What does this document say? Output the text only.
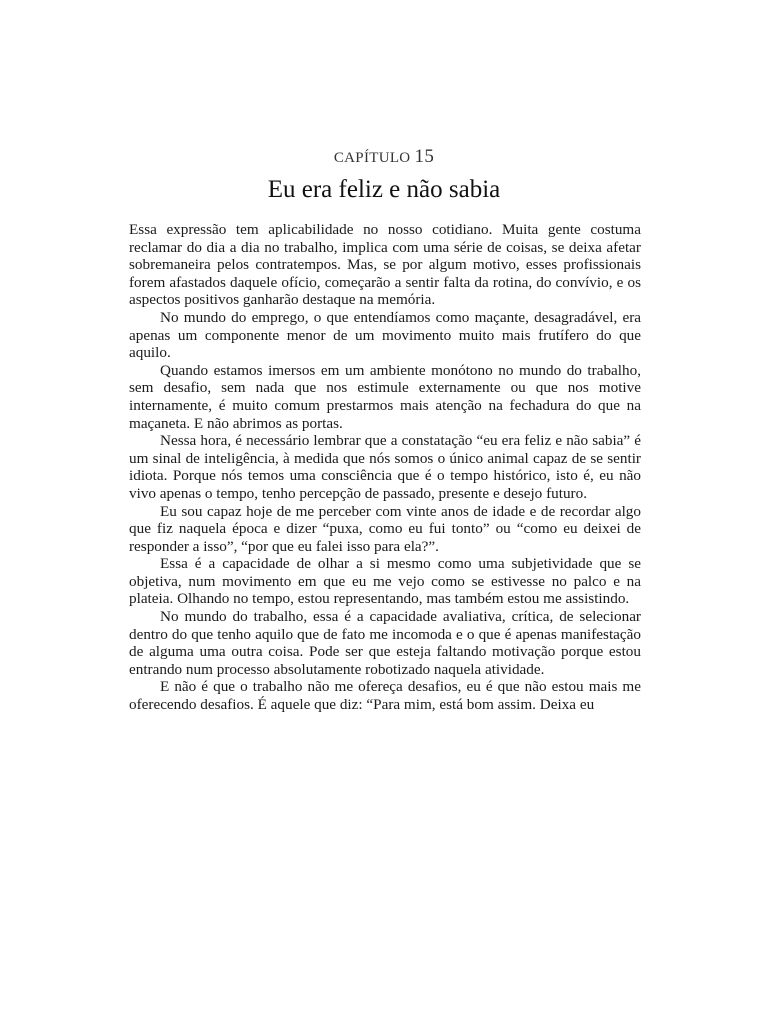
CAPÍTULO 15
Eu era feliz e não sabia

Essa expressão tem aplicabilidade no nosso cotidiano. Muita gente costuma reclamar do dia a dia no trabalho, implica com uma série de coisas, se deixa afetar sobremaneira pelos contratempos. Mas, se por algum motivo, esses profissionais forem afastados daquele ofício, começarão a sentir falta da rotina, do convívio, e os aspectos positivos ganharão destaque na memória.

No mundo do emprego, o que entendíamos como maçante, desagradável, era apenas um componente menor de um movimento muito mais frutífero do que aquilo.

Quando estamos imersos em um ambiente monótono no mundo do trabalho, sem desafio, sem nada que nos estimule externamente ou que nos motive internamente, é muito comum prestarmos mais atenção na fechadura do que na maçaneta. E não abrimos as portas.

Nessa hora, é necessário lembrar que a constatação “eu era feliz e não sabia” é um sinal de inteligência, à medida que nós somos o único animal capaz de se sentir idiota. Porque nós temos uma consciência que é o tempo histórico, isto é, eu não vivo apenas o tempo, tenho percepção de passado, presente e desejo futuro.

Eu sou capaz hoje de me perceber com vinte anos de idade e de recordar algo que fiz naquela época e dizer “puxa, como eu fui tonto” ou “como eu deixei de responder a isso”, “por que eu falei isso para ela?”.

Essa é a capacidade de olhar a si mesmo como uma subjetividade que se objetiva, num movimento em que eu me vejo como se estivesse no palco e na plateia. Olhando no tempo, estou representando, mas também estou me assistindo.

No mundo do trabalho, essa é a capacidade avaliativa, crítica, de selecionar dentro do que tenho aquilo que de fato me incomoda e o que é apenas manifestação de alguma uma outra coisa. Pode ser que esteja faltando motivação porque estou entrando num processo absolutamente robotizado naquela atividade.

E não é que o trabalho não me ofereça desafios, eu é que não estou mais me oferecendo desafios. É aquele que diz: “Para mim, está bom assim. Deixa eu
